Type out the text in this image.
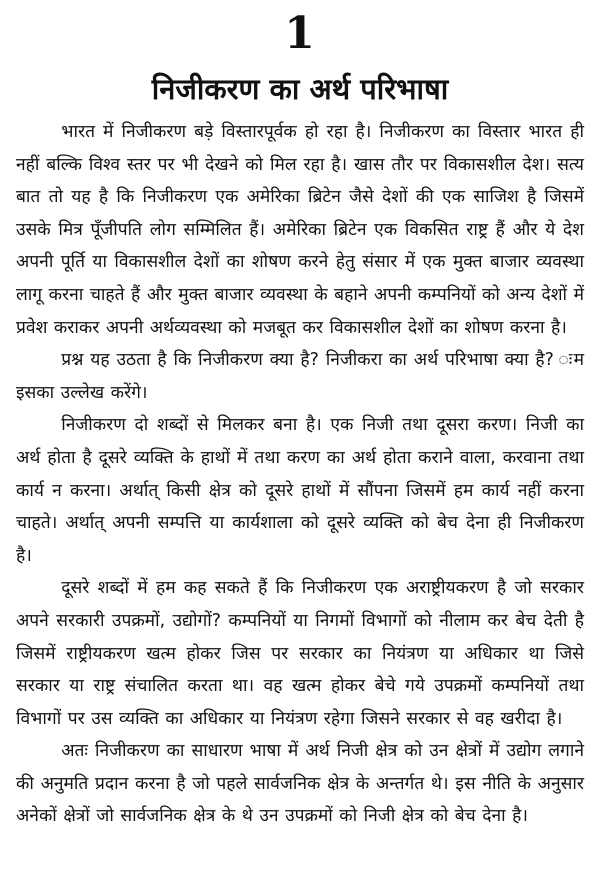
1
निजीकरण का अर्थ परिभाषा

भारत में निजीकरण बड़े विस्तारपूर्वक हो रहा है। निजीकरण का विस्तार भारत ही नहीं बल्कि विश्व स्तर पर भी देखने को मिल रहा है। खास तौर पर विकासशील देश। सत्य बात तो यह है कि निजीकरण एक अमेरिका ब्रिटेन जैसे देशों की एक साजिश है जिसमें उसके मित्र पूँजीपति लोग सम्मिलित हैं। अमेरिका ब्रिटेन एक विकसित राष्ट्र हैं और ये देश अपनी पूर्ति या विकासशील देशों का शोषण करने हेतु संसार में एक मुक्त बाजार व्यवस्था लागू करना चाहते हैं और मुक्त बाजार व्यवस्था के बहाने अपनी कम्पनियों को अन्य देशों में प्रवेश कराकर अपनी अर्थव्यवस्था को मजबूत कर विकासशील देशों का शोषण करना है।

प्रश्न यह उठता है कि निजीकरण क्या है? निजीकरा का अर्थ परिभाषा क्या है? ःम इसका उल्लेख करेंगे।

निजीकरण दो शब्दों से मिलकर बना है। एक निजी तथा दूसरा करण। निजी का अर्थ होता है दूसरे व्यक्ति के हाथों में तथा करण का अर्थ होता कराने वाला, करवाना तथा कार्य न करना। अर्थात् किसी क्षेत्र को दूसरे हाथों में सौंपना जिसमें हम कार्य नहीं करना चाहते। अर्थात् अपनी सम्पत्ति या कार्यशाला को दूसरे व्यक्ति को बेच देना ही निजीकरण है।

दूसरे शब्दों में हम कह सकते हैं कि निजीकरण एक अराष्ट्रीयकरण है जो सरकार अपने सरकारी उपक्रमों, उद्योगों? कम्पनियों या निगमों विभागों को नीलाम कर बेच देती है जिसमें राष्ट्रीयकरण खत्म होकर जिस पर सरकार का नियंत्रण या अधिकार था जिसे सरकार या राष्ट्र संचालित करता था। वह खत्म होकर बेचे गये उपक्रमों कम्पनियों तथा विभागों पर उस व्यक्ति का अधिकार या नियंत्रण रहेगा जिसने सरकार से वह खरीदा है।

अतः निजीकरण का साधारण भाषा में अर्थ निजी क्षेत्र को उन क्षेत्रों में उद्योग लगाने की अनुमति प्रदान करना है जो पहले सार्वजनिक क्षेत्र के अन्तर्गत थे। इस नीति के अनुसार अनेकों क्षेत्रों जो सार्वजनिक क्षेत्र के थे उन उपक्रमों को निजी क्षेत्र को बेच देना है।
